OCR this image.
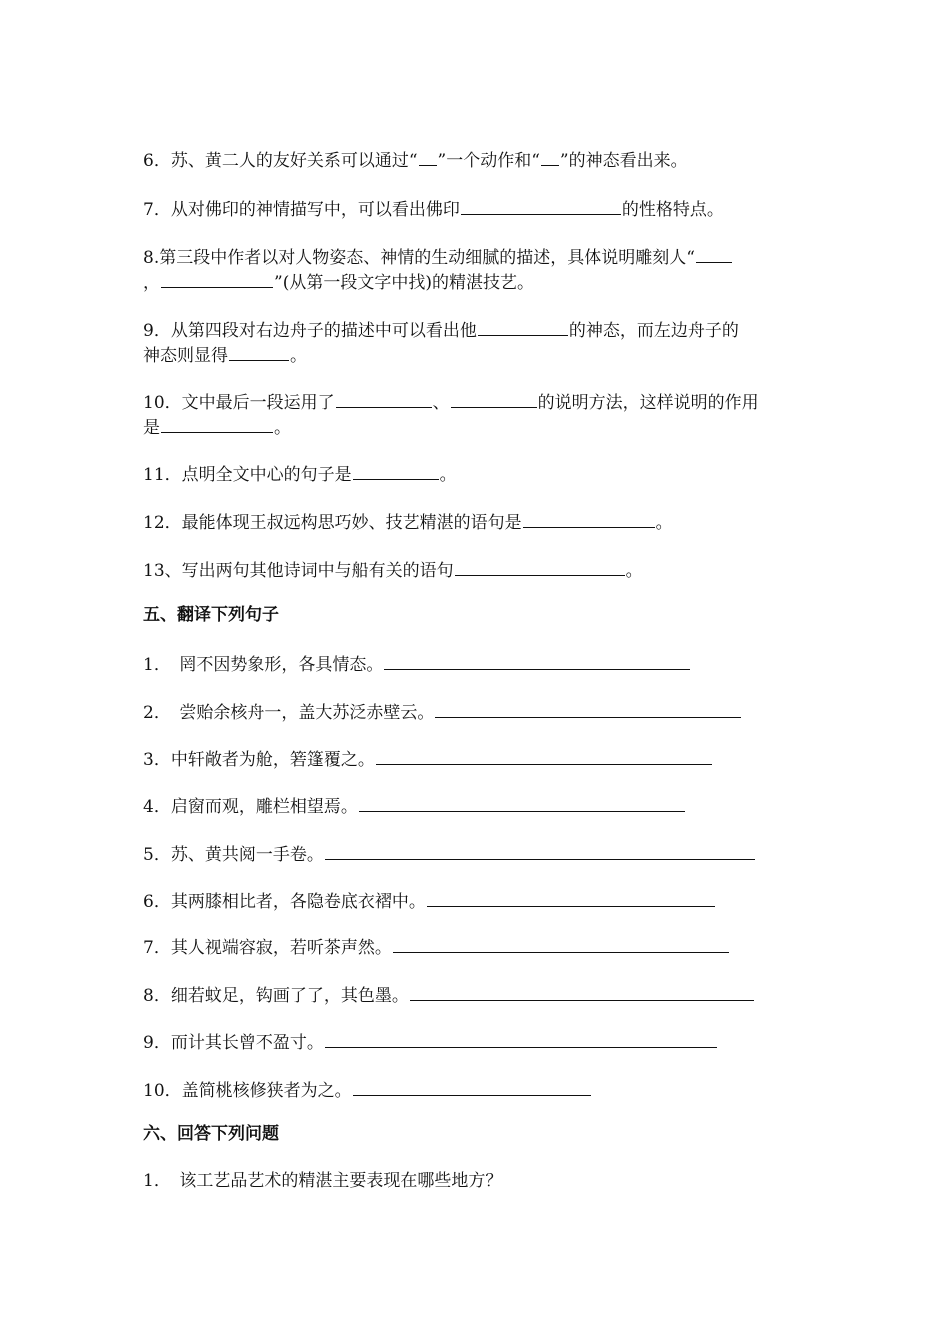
6．苏、黄二人的友好关系可以通过“ ”一个动作和“ ”的神态看出来。
7．从对佛印的神情描写中，可以看出佛印	的性格特点。
8.第三段中作者以对人物姿态、神情的生动细腻的描述，具体说明雕刻人“
，	”(从第一段文字中找)的精湛技艺。
9．从第四段对右边舟子的描述中可以看出他	的神态，而左边舟子的
神态则显得	。
10．文中最后一段运用了	、	的说明方法，这样说明的作用
是	。
11．点明全文中心的句子是	。
12．最能体现王叔远构思巧妙、技艺精湛的语句是	。
13、写出两句其他诗词中与船有关的语句	。
五、翻译下列句子
1．　罔不因势象形，各具情态。
2．　尝贻余核舟一，盖大苏泛赤壁云。
3．中轩敞者为舱，箬篷覆之。
4．启窗而观，雕栏相望焉。
5．苏、黄共阅一手卷。
6．其两膝相比者，各隐卷底衣褶中。
7．其人视端容寂，若听茶声然。
8．细若蚊足，钩画了了，其色墨。
9．而计其长曾不盈寸。
10．盖简桃核修狭者为之。
六、回答下列问题
1．　该工艺品艺术的精湛主要表现在哪些地方？
